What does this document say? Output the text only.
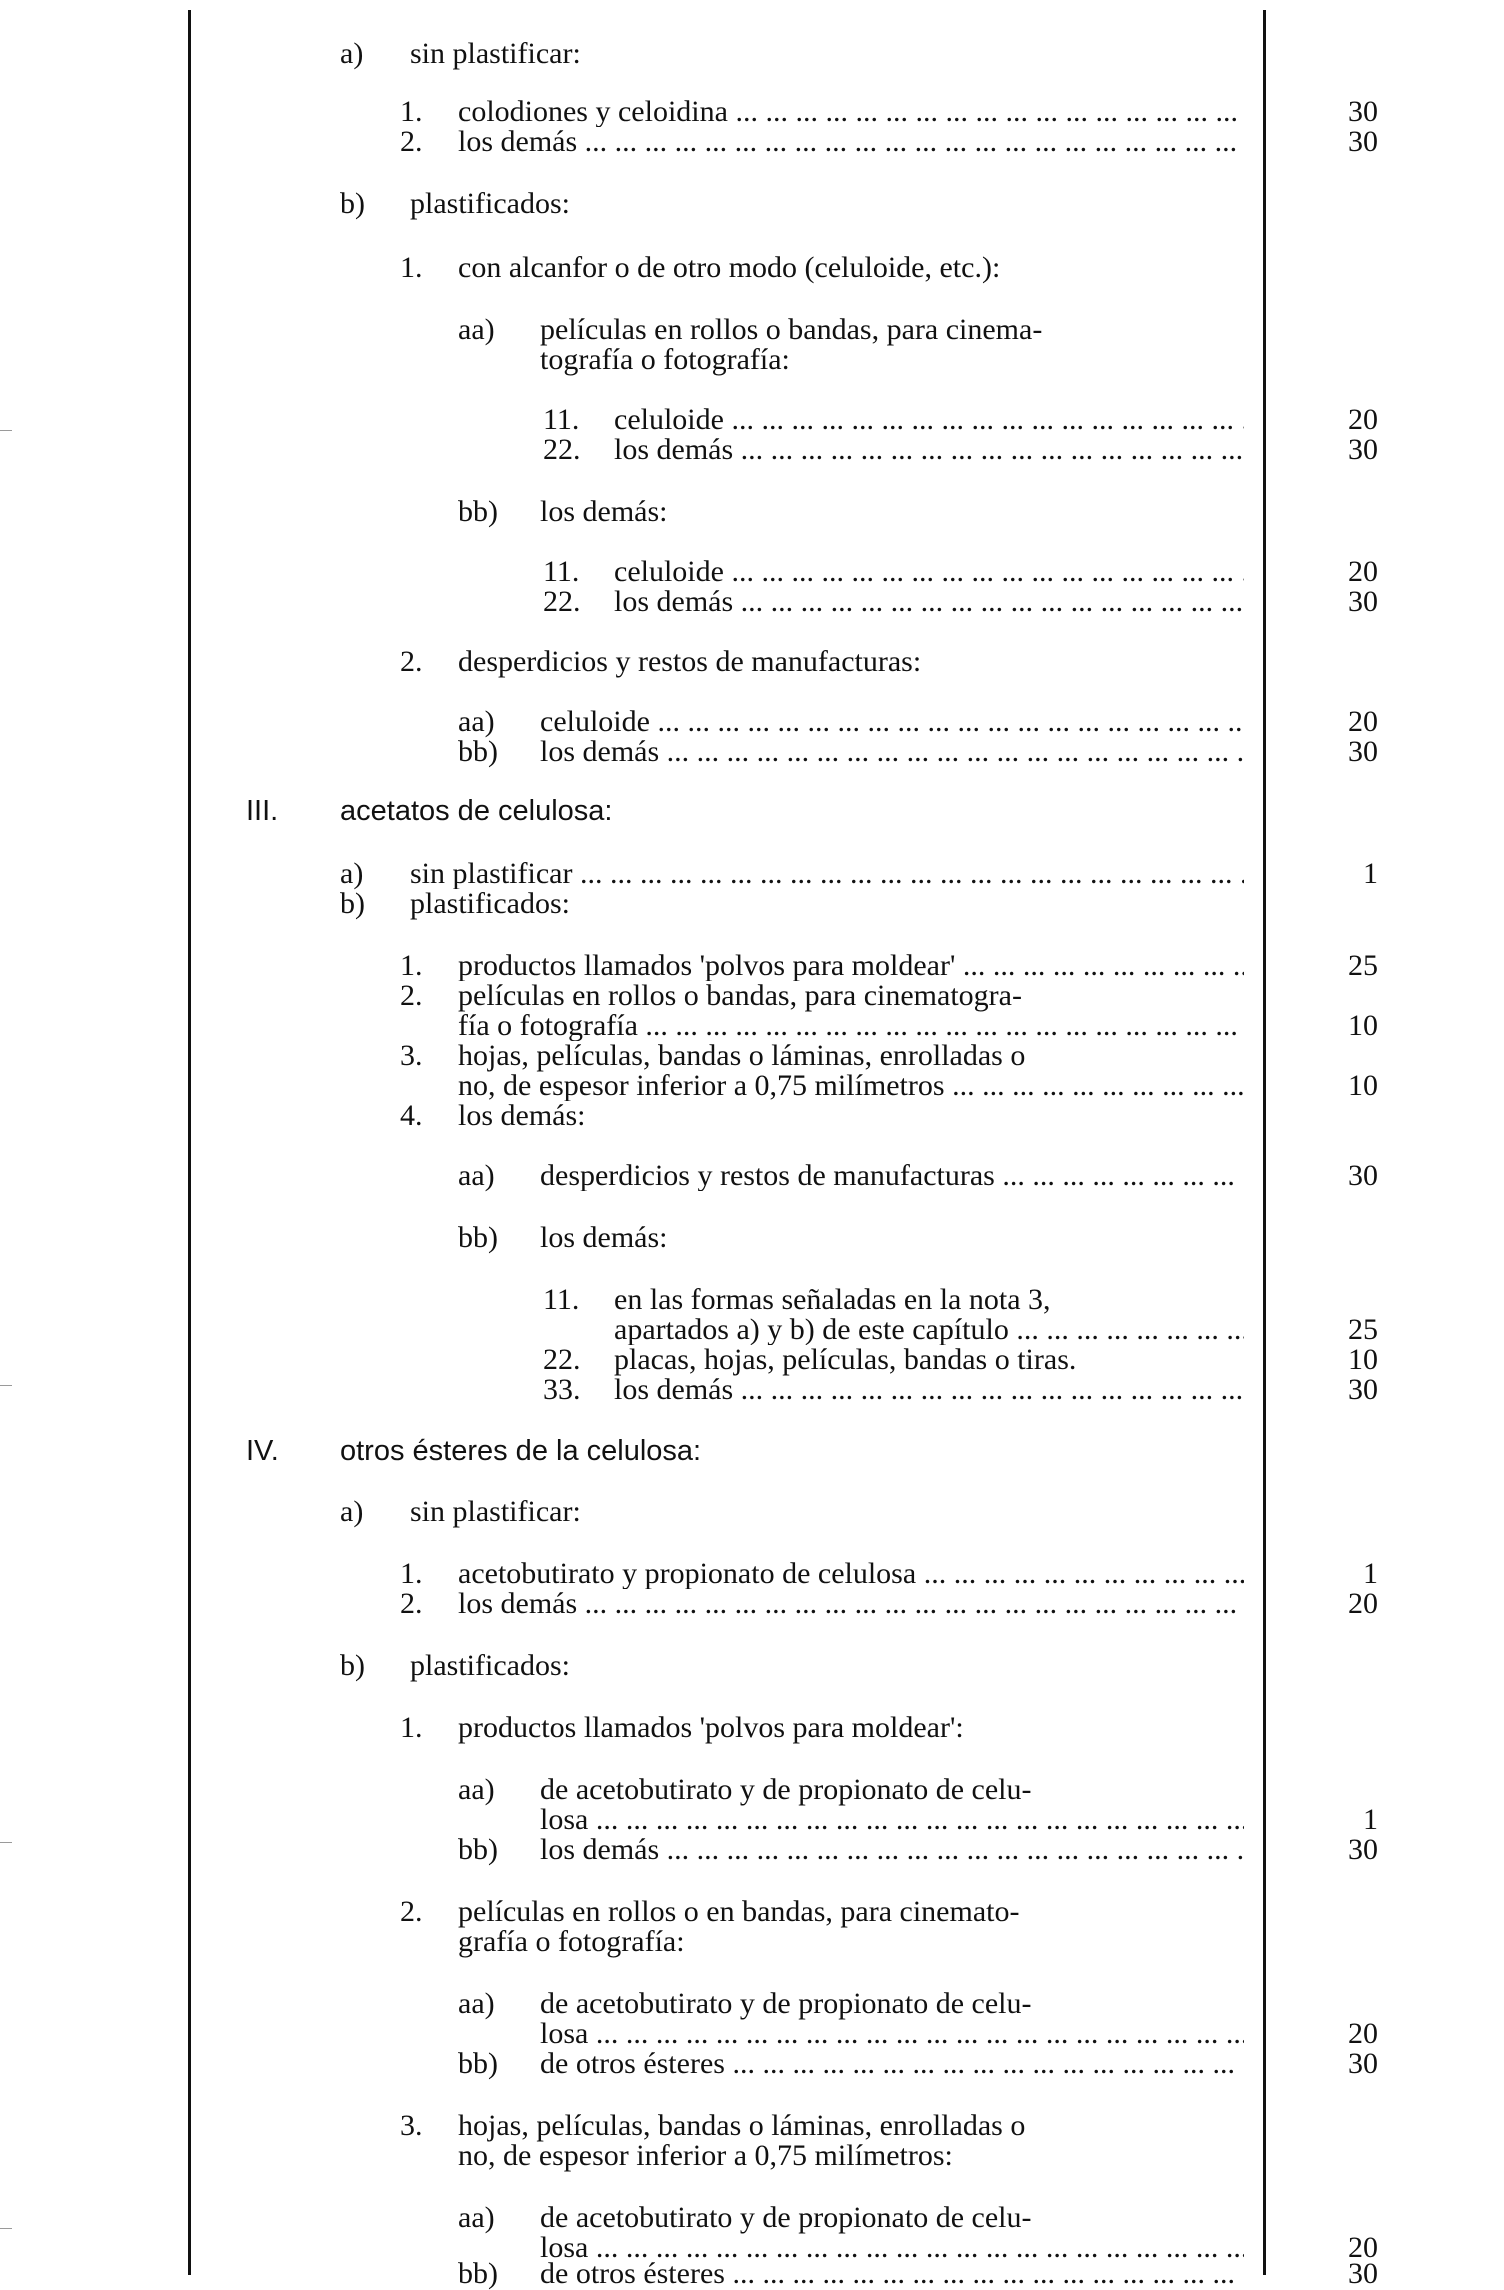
a) sin plastificar:
1. colodiones y celoidina ... .	30
2. los demás ... .	30
b) plastificados:
1. con alcanfor o de otro modo (celuloide, etc.):
aa) películas en rollos o bandas, para cinema-
tografía o fotografía:
11. celuloide ... .	20
22. los demás ... .	30
bb) los demás:
11. celuloide ... .	20
22. los demás ... .	30
2. desperdicios y restos de manufacturas:
aa) celuloide ... .	20
bb) los demás ... .	30
III. acetatos de celulosa:
a) sin plastificar ... .	1
b) plastificados:
1. productos llamados 'polvos para moldear' ... .	25
2. películas en rollos o bandas, para cinematogra-
fía o fotografía ... .	10
3. hojas, películas, bandas o láminas, enrolladas o
no, de espesor inferior a 0,75 milímetros ... .	10
4. los demás:
aa) desperdicios y restos de manufacturas ... .	30
bb) los demás:
11. en las formas señaladas en la nota 3,
apartados a) y b) de este capítulo ... .	25
22. placas, hojas, películas, bandas o tiras.	10
33. los demás ... .	30
IV. otros ésteres de la celulosa:
a) sin plastificar:
1. acetobutirato y propionato de celulosa ... .	1
2. los demás ... .	20
b) plastificados:
1. productos llamados 'polvos para moldear':
aa) de acetobutirato y de propionato de celu-
losa ... .	1
bb) los demás ... .	30
2. películas en rollos o en bandas, para cinemato-
grafía o fotografía:
aa) de acetobutirato y de propionato de celu-
losa ... .	20
bb) de otros ésteres ... .	30
3. hojas, películas, bandas o láminas, enrolladas o
no, de espesor inferior a 0,75 milímetros:
aa) de acetobutirato y de propionato de celu-
losa ... .	20
bb) de otros ésteres ... .	30
